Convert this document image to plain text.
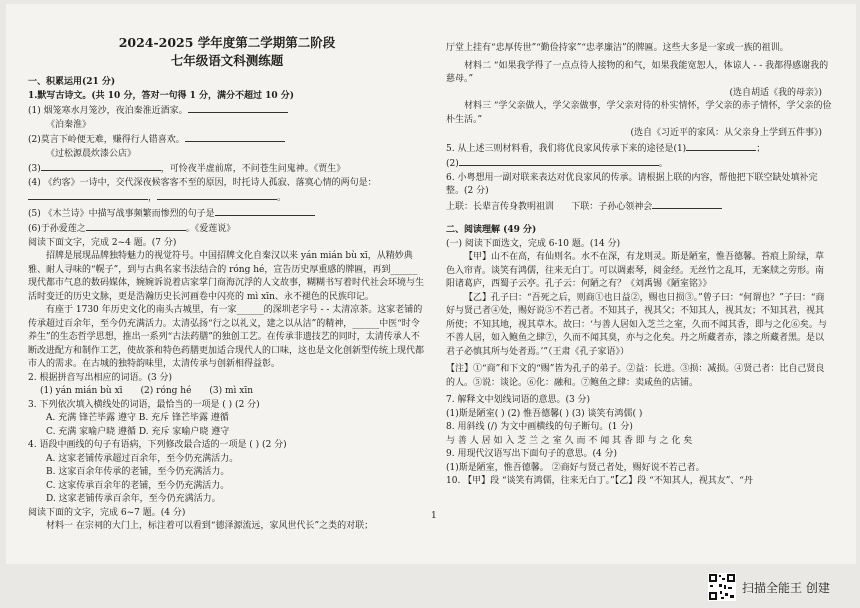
2024-2025 学年度第二学期第二阶段

七年级语文科测练题

一、积累运用(21 分)

1.默写古诗文。(共 10 分，答对一句得 1 分，满分不超过 10 分)

(1) 烟笼寒水月笼沙，夜泊秦淮近酒家。

《泊秦淮》

(2)莫言下岭便无难，赚得行人错喜欢。

《过松源晨炊漆公店》

(3)	，可怜夜半虚前席，不问苍生问鬼神。《贾生》

(4) 《约客》一诗中，交代深夜候客客不至的原因，时托诗人孤寂、落寞心情的两句是：

，	。

(5) 《木兰诗》中描写战事频繁而惨烈的句子是

(6)于孙爱莲之	。《爱莲说》

阅读下面文字，完成 2~4 题。(7 分)

招牌是展现品牌独特魅力的视觉符号。中国招牌文化自秦汉以来 yán mián bù xī，从精妙典雅、耐人寻味的“幌子”，到与古典名家书法结合的 róng hé，宣告历史厚重感的牌匾，再到______现代都市气息的数码媒体，婉婉诉说着店家掌门商海沉浮的人文故事，糊糊书写着时代社会环境与生活时变迁的历史文脉，更是浩瀚历史长河画卷中闪亮的 mì xīn、永不褪色的民族印记。

有座于 1730 年历史文化的南头古城里，有一家______的深圳老字号 - - 太清凉茶。这家老铺的传承超过百余年，至今仍充满活力。太清弘扬“行之以礼义，建之以从洁”的精神，______中医“时令养生”的生态哲学思想，推出一系列“古法药膳”的独创工艺。在传承非遗技艺的同时，太清传承人不断改进配方和制作工艺，使故茶和特色药膳更加适合现代人的口味，这也是文化创新型传统上现代都市人的需求。在古城的独特韵味里，太清传承与创新相得益彰。

2. 根据拼音写出相应的词语。(3 分)

(1) yán mián bù xī (2) róng hé (3) mì xīn

3. 下列依次填入横线处的词语，最恰当的一项是 ( ) (2 分)

A. 充满 锋芒毕露 遵守 B. 充斥 锋芒毕露 遵循

C. 充满 家喻户晓 遵循 D. 充斥 家喻户晓 遵守

4. 语段中画线的句子有语病，下列修改最合适的一项是 ( ) (2 分)

A. 这家老铺传承超过百余年，至今仍充满活力。

B. 这家百余年传承的老铺，至今仍充满活力。

C. 这家传承百余年的老铺，至今仍充满活力。

D. 这家老铺传承百余年，至今仍充满活力。

阅读下面的文字，完成 6~7 题。(4 分)

材料一 在宗祠的大门上，标注着可以看到“德泽源流远，家风世代长”之类的对联；

1

厅堂上挂有“忠厚传世”“勤俭持家”“忠孝廉洁”的牌匾。这些大多是一家或一族的祖训。

材料二 “如果我学得了一点点待人接物的和气，如果我能宽恕人，体谅人 - - 我都得感谢我的慈母。”

(选自胡适《我的母亲》)

材料三 “学父亲做人，学父亲做事，学父亲对待的朴实情怀，学父亲的赤子情怀，学父亲的俭朴生活。”

(选自《习近平的家风：从父亲身上学到五件事》)

5. 从上述三则材料看，我们将优良家风传承下来的途径是(1)	；

(2)	。

6. 小粤想用一副对联来表达对优良家风的传承。请根据上联的内容，帮他把下联空缺处填补完整。(2 分)

上联：长辈言传身教明祖训 下联：子孙心领神会

二、阅读理解 (49 分)

(一) 阅读下面选文，完成 6-10 题。(14 分)

【甲】山不在高，有仙则名。水不在深，有龙则灵。斯是陋室，惟吾德馨。苔痕上阶绿，草色入帘青。谈笑有鸿儒，往来无白丁。可以调素琴，阅金经。无丝竹之乱耳，无案牍之劳形。南阳诸葛庐，西蜀子云亭。孔子云：何陋之有？《刘禹锡《陋室铭》》

【乙】孔子曰：“吾死之后，则商①也日益②，赐也日损③。”曾子曰：“何谓也？”子曰：“商好与贤己者④处，赐好说⑤不若己者。不知其子，视其父；不知其人，视其友；不知其君，视其所使；不知其地，视其草木。故曰：‘与善人居如入芝兰之室，久而不闻其香，即与之化⑥矣。与不善人居，如入鲍鱼之肆⑦，久而不闻其臭，亦与之化矣。丹之所藏者赤，漆之所藏者黑。是以君子必慎其所与处者焉。’”（王肃《孔子家语》）

【注】①“商”和下文的“赐”皆为孔子的弟子。②益：长进。③损：减损。④贤己者：比自己贤良的人。⑤说：谈论。⑥化：融和。⑦鲍鱼之肆：卖咸鱼的店铺。

7. 解释文中划线词语的意思。(3 分)

(1)斯是陋室( ) (2) 惟吾德馨( ) (3) 谈笑有鸿儒( )

8. 用斜线 (/) 为文中画横线的句子断句。(1 分)

与 善 人 居 如 入 芝 兰 之 室 久 而 不 闻 其 香 即 与 之 化 矣

9. 用现代汉语写出下面句子的意思。(4 分)

(1)斯是陋室，惟吾德馨。 ②商好与贤己者处，赐好说不若己者。

10. 【甲】段 “谈笑有鸿儒，往来无白丁。”【乙】段 “不知其人，视其友”、“丹

扫描全能王 创建
